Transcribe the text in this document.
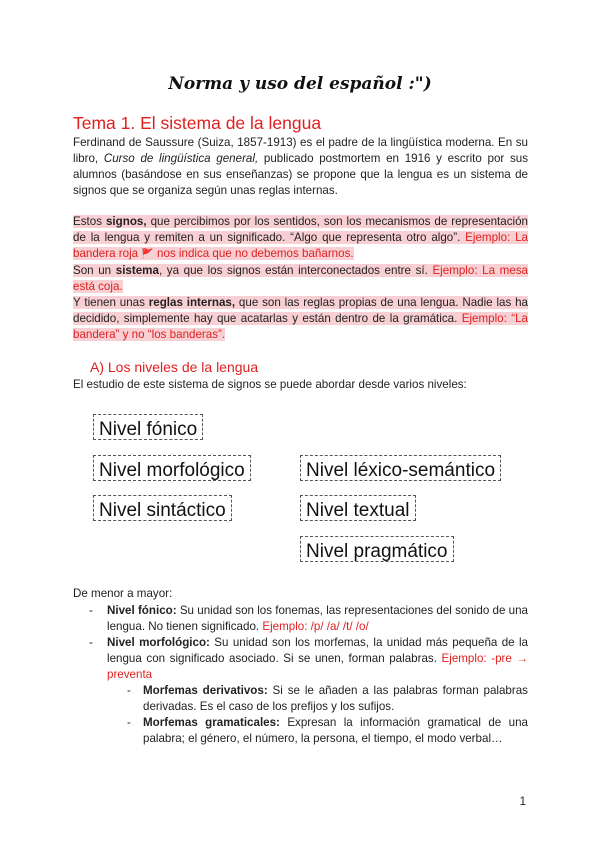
Norma y uso del español :")
Tema 1. El sistema de la lengua

Ferdinand de Saussure (Suiza, 1857-1913) es el padre de la lingüística moderna. En su libro, Curso de lingüística general, publicado postmortem en 1916 y escrito por sus alumnos (basándose en sus enseñanzas) se propone que la lengua es un sistema de signos que se organiza según unas reglas internas.

Estos signos, que percibimos por los sentidos, son los mecanismos de representación de la lengua y remiten a un significado. “Algo que representa otro algo”. Ejemplo: La bandera roja 🚩 nos indica que no debemos bañarnos.
Son un sistema, ya que los signos están interconectados entre sí. Ejemplo: La mesa está coja.
Y tienen unas reglas internas, que son las reglas propias de una lengua. Nadie las ha decidido, simplemente hay que acatarlas y están dentro de la gramática. Ejemplo: “La bandera” y no “los banderas”.

A) Los niveles de la lengua

El estudio de este sistema de signos se puede abordar desde varios niveles:

Nivel fónico
Nivel morfológico
Nivel sintáctico
Nivel léxico-semántico
Nivel textual
Nivel pragmático

De menor a mayor:

- Nivel fónico: Su unidad son los fonemas, las representaciones del sonido de una lengua. No tienen significado. Ejemplo: /p/ /a/ /t/ /o/
- Nivel morfológico: Su unidad son los morfemas, la unidad más pequeña de la lengua con significado asociado. Si se unen, forman palabras. Ejemplo: -pre → preventa
- Morfemas derivativos: Si se le añaden a las palabras forman palabras derivadas. Es el caso de los prefijos y los sufijos.
- Morfemas gramaticales: Expresan la información gramatical de una palabra; el género, el número, la persona, el tiempo, el modo verbal…
1
